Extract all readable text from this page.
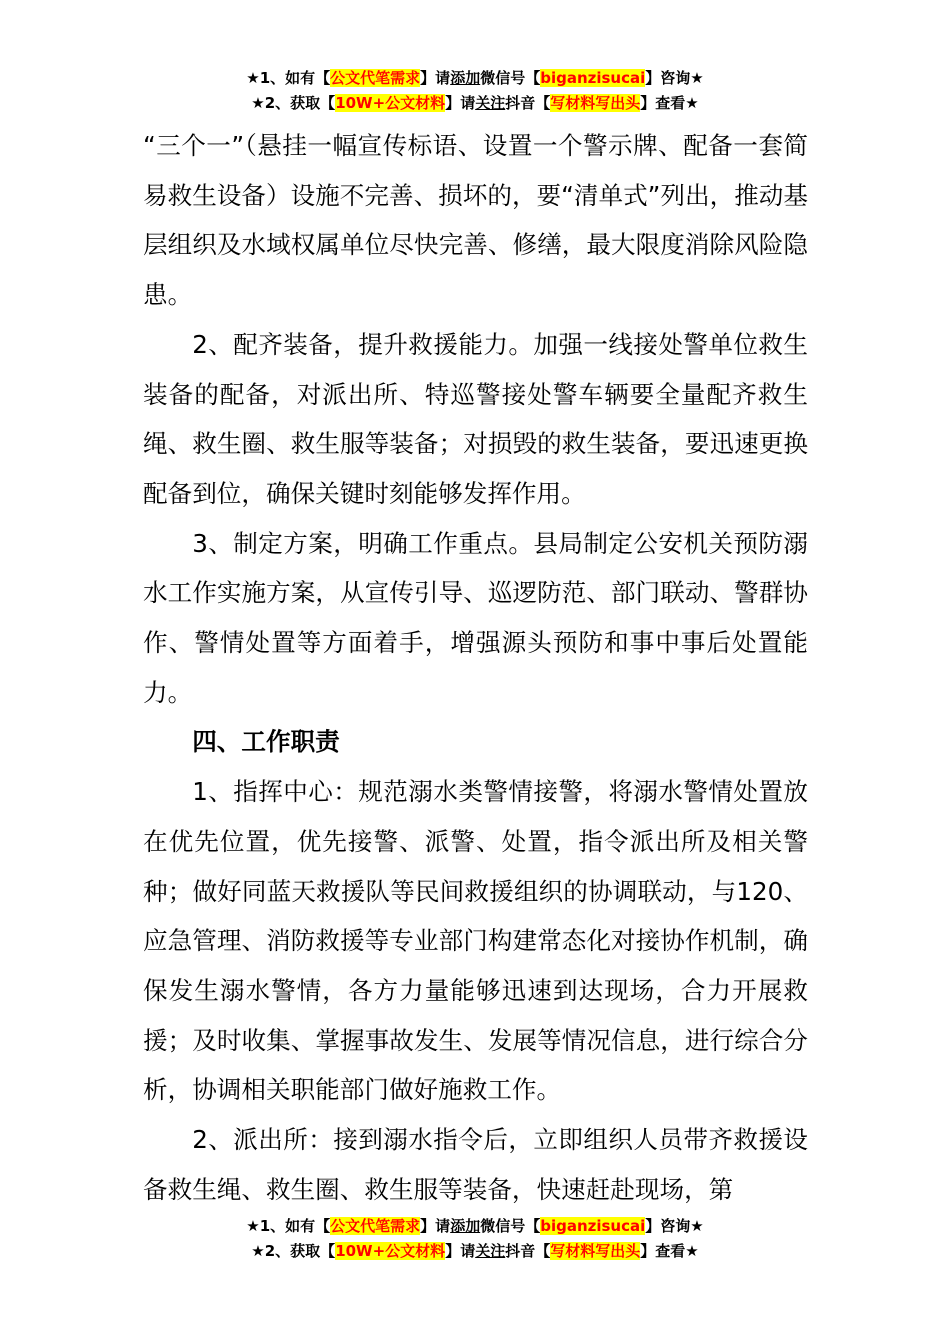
★1、如有【公文代笔需求】请添加微信号【biganzisucai】咨询★
★2、获取【10W+公文材料】请关注抖音【写材料写出头】查看★

“三个一”（悬挂一幅宣传标语、设置一个警示牌、配备一套简易救生设备）设施不完善、损坏的，要“清单式”列出，推动基层组织及水域权属单位尽快完善、修缮，最大限度消除风险隐患。

2、配齐装备，提升救援能力。加强一线接处警单位救生装备的配备，对派出所、特巡警接处警车辆要全量配齐救生绳、救生圈、救生服等装备；对损毁的救生装备，要迅速更换配备到位，确保关键时刻能够发挥作用。

3、制定方案，明确工作重点。县局制定公安机关预防溺水工作实施方案，从宣传引导、巡逻防范、部门联动、警群协作、警情处置等方面着手，增强源头预防和事中事后处置能力。

四、工作职责

1、指挥中心：规范溺水类警情接警，将溺水警情处置放在优先位置，优先接警、派警、处置，指令派出所及相关警种；做好同蓝天救援队等民间救援组织的协调联动，与120、应急管理、消防救援等专业部门构建常态化对接协作机制，确保发生溺水警情，各方力量能够迅速到达现场，合力开展救援；及时收集、掌握事故发生、发展等情况信息，进行综合分析，协调相关职能部门做好施救工作。

2、派出所：接到溺水指令后，立即组织人员带齐救援设备救生绳、救生圈、救生服等装备，快速赶赴现场，第

★1、如有【公文代笔需求】请添加微信号【biganzisucai】咨询★
★2、获取【10W+公文材料】请关注抖音【写材料写出头】查看★
